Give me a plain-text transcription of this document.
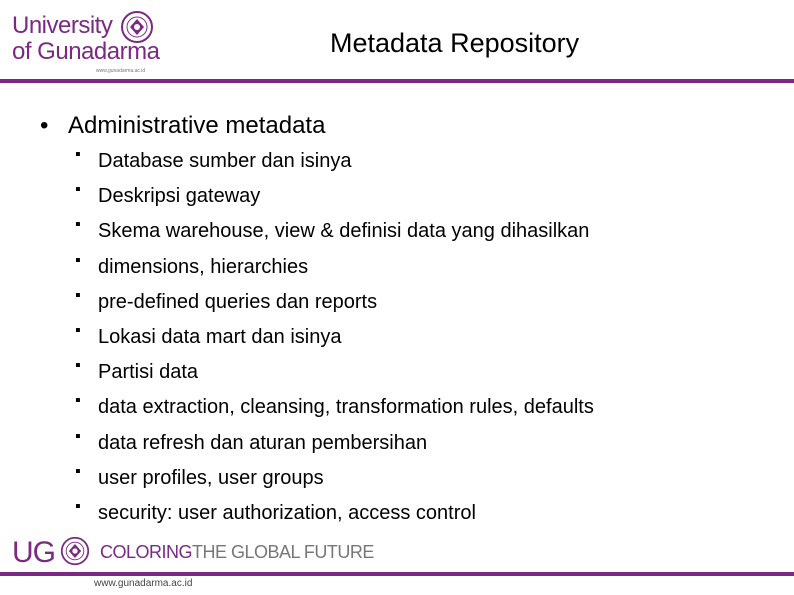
University
of Gunadarma
www.gunadarma.ac.id
Metadata Repository
• Administrative metadata
▪
Database sumber dan isinya
▪
Deskripsi gateway
▪
Skema warehouse, view & definisi data yang dihasilkan
▪
dimensions, hierarchies
▪
pre-defined queries dan reports
▪
Lokasi data mart dan isinya
▪
Partisi data
▪
data extraction, cleansing, transformation rules, defaults
▪
data refresh dan aturan pembersihan
▪
user profiles, user groups
▪
security: user authorization, access control
UG	COLORING THE GLOBAL FUTURE
www.gunadarma.ac.id
